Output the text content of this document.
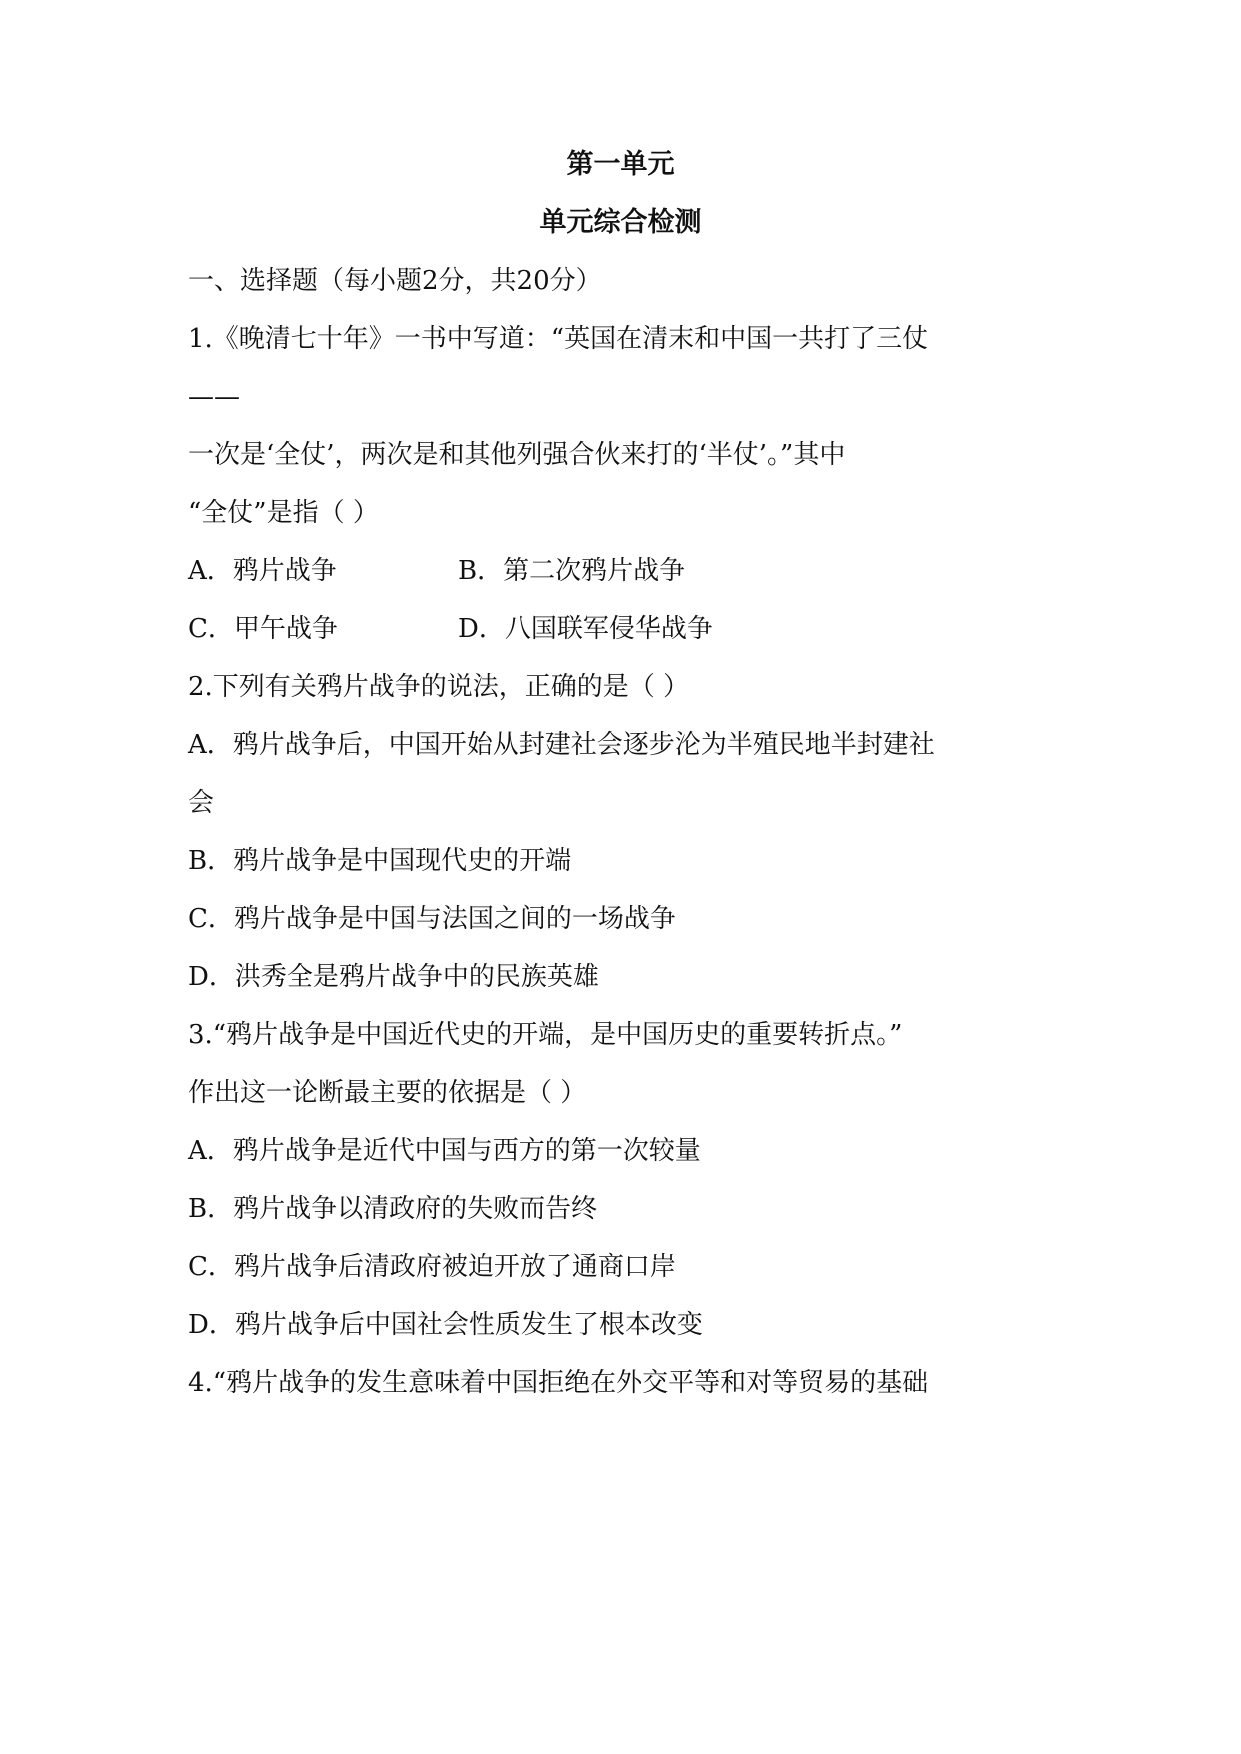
第一单元
单元综合检测
一、选择题（每小题2分，共20分）
1.《晚清七十年》一书中写道：“英国在清末和中国一共打了三仗
——
一次是‘全仗’，两次是和其他列强合伙来打的‘半仗’。”其中
“全仗”是指（ ）
A．鸦片战争	B．第二次鸦片战争
C．甲午战争	D．八国联军侵华战争
2.下列有关鸦片战争的说法，正确的是（ ）
A．鸦片战争后，中国开始从封建社会逐步沦为半殖民地半封建社
会
B．鸦片战争是中国现代史的开端
C．鸦片战争是中国与法国之间的一场战争
D．洪秀全是鸦片战争中的民族英雄
3.“鸦片战争是中国近代史的开端，是中国历史的重要转折点。”
作出这一论断最主要的依据是（ ）
A．鸦片战争是近代中国与西方的第一次较量
B．鸦片战争以清政府的失败而告终
C．鸦片战争后清政府被迫开放了通商口岸
D．鸦片战争后中国社会性质发生了根本改变
4.“鸦片战争的发生意味着中国拒绝在外交平等和对等贸易的基础
